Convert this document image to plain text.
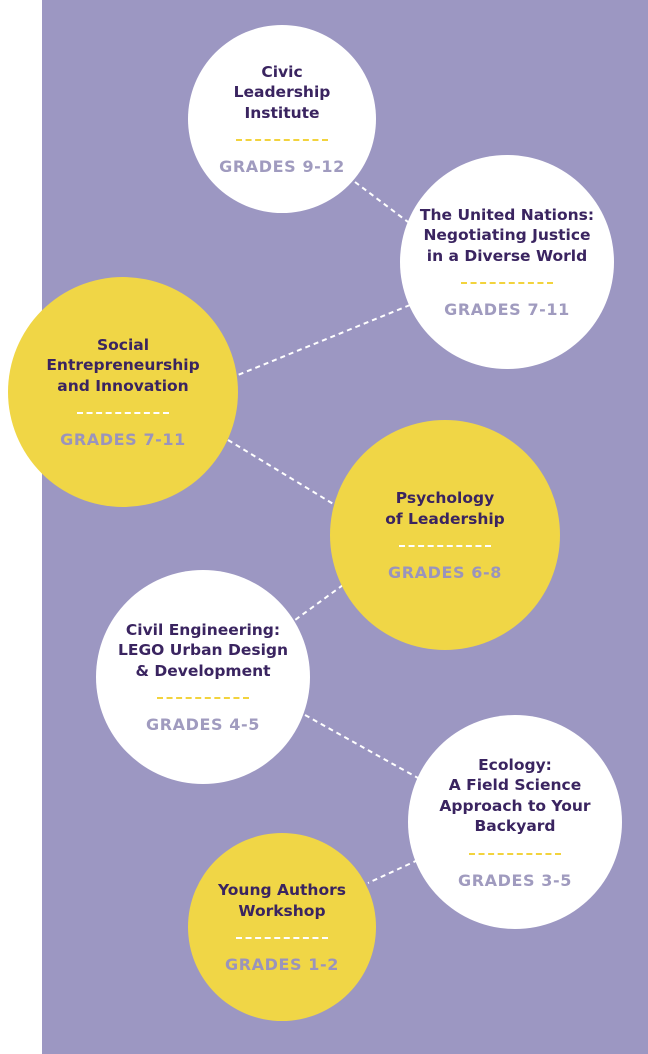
Civic
Leadership
Institute
GRADES 9-12
The United Nations:
Negotiating Justice
in a Diverse World
GRADES 7-11
Social
Entrepreneurship
and Innovation
GRADES 7-11
Psychology
of Leadership
GRADES 6-8
Civil Engineering:
LEGO Urban Design
& Development
GRADES 4-5
Ecology:
A Field Science
Approach to Your
Backyard
GRADES 3-5
Young Authors
Workshop
GRADES 1-2
